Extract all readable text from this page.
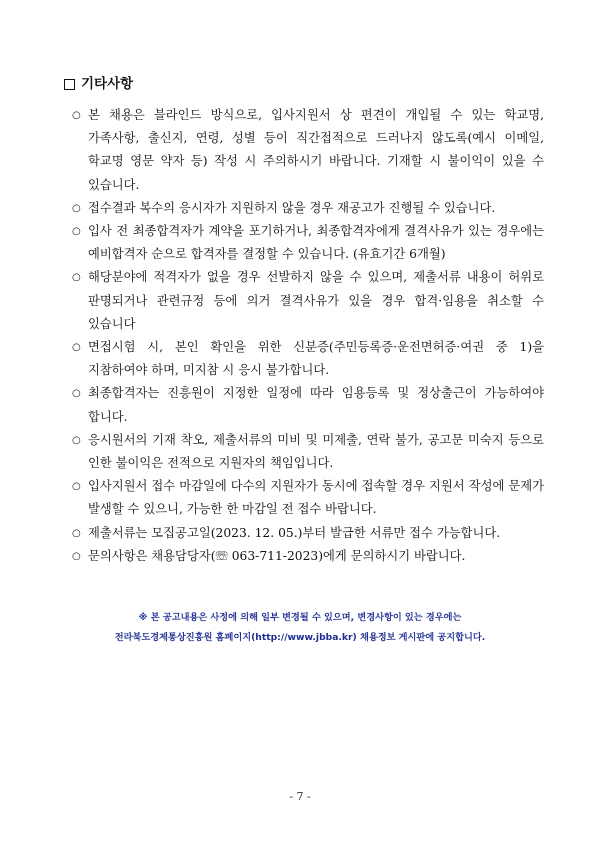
기타사항
○ 본 채용은 블라인드 방식으로, 입사지원서 상 편견이 개입될 수 있는 학교명, 가족사항, 출신지, 연령, 성별 등이 직간접적으로 드러나지 않도록(예시 이메일, 학교명 영문 약자 등) 작성 시 주의하시기 바랍니다. 기재할 시 불이익이 있을 수 있습니다.
○ 접수결과 복수의 응시자가 지원하지 않을 경우 재공고가 진행될 수 있습니다.
○ 입사 전 최종합격자가 계약을 포기하거나, 최종합격자에게 결격사유가 있는 경우에는 예비합격자 순으로 합격자를 결정할 수 있습니다. (유효기간 6개월)
○ 해당분야에 적격자가 없을 경우 선발하지 않을 수 있으며, 제출서류 내용이 허위로 판명되거나 관련규정 등에 의거 결격사유가 있을 경우 합격·임용을 취소할 수 있습니다
○ 면접시험 시, 본인 확인을 위한 신분증(주민등록증·운전면허증·여권 중 1)을 지참하여야 하며, 미지참 시 응시 불가합니다.
○ 최종합격자는 진흥원이 지정한 일정에 따라 임용등록 및 정상출근이 가능하여야 합니다.
○ 응시원서의 기재 착오, 제출서류의 미비 및 미제출, 연락 불가, 공고문 미숙지 등으로 인한 불이익은 전적으로 지원자의 책임입니다.
○ 입사지원서 접수 마감일에 다수의 지원자가 동시에 접속할 경우 지원서 작성에 문제가 발생할 수 있으니, 가능한 한 마감일 전 접수 바랍니다.
○ 제출서류는 모집공고일(2023. 12. 05.)부터 발급한 서류만 접수 가능합니다.
○ 문의사항은 채용담당자(☏ 063-711-2023)에게 문의하시기 바랍니다.
※ 본 공고내용은 사정에 의해 일부 변경될 수 있으며, 변경사항이 있는 경우에는
전라북도경제통상진흥원 홈페이지(http://www.jbba.kr) 채용정보 게시판에 공지합니다.
- 7 -
